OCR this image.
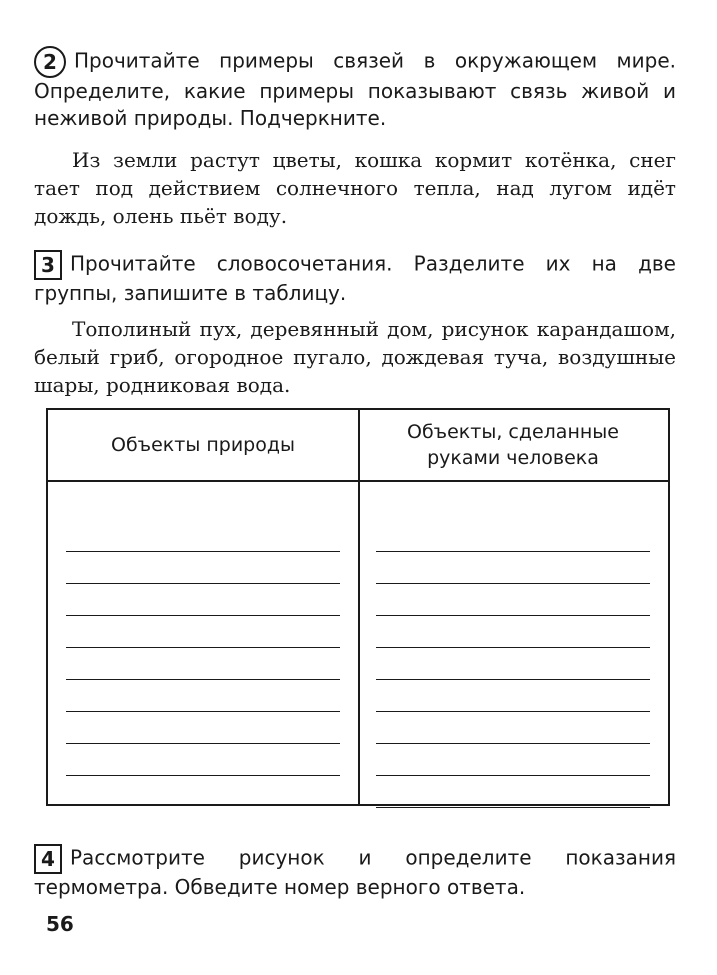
2 Прочитайте примеры связей в окружающем мире. Определите, какие примеры показывают связь живой и неживой природы. Подчеркните.

Из земли растут цветы, кошка кормит котёнка, снег тает под действием солнечного тепла, над лугом идёт дождь, олень пьёт воду.

3 Прочитайте словосочетания. Разделите их на две группы, запишите в таблицу.

Тополиный пух, деревянный дом, рисунок карандашом, белый гриб, огородное пугало, дождевая туча, воздушные шары, родниковая вода.

Объекты природы
Объекты, сделанные руками человека

4 Рассмотрите рисунок и определите показания термометра. Обведите номер верного ответа.

56
